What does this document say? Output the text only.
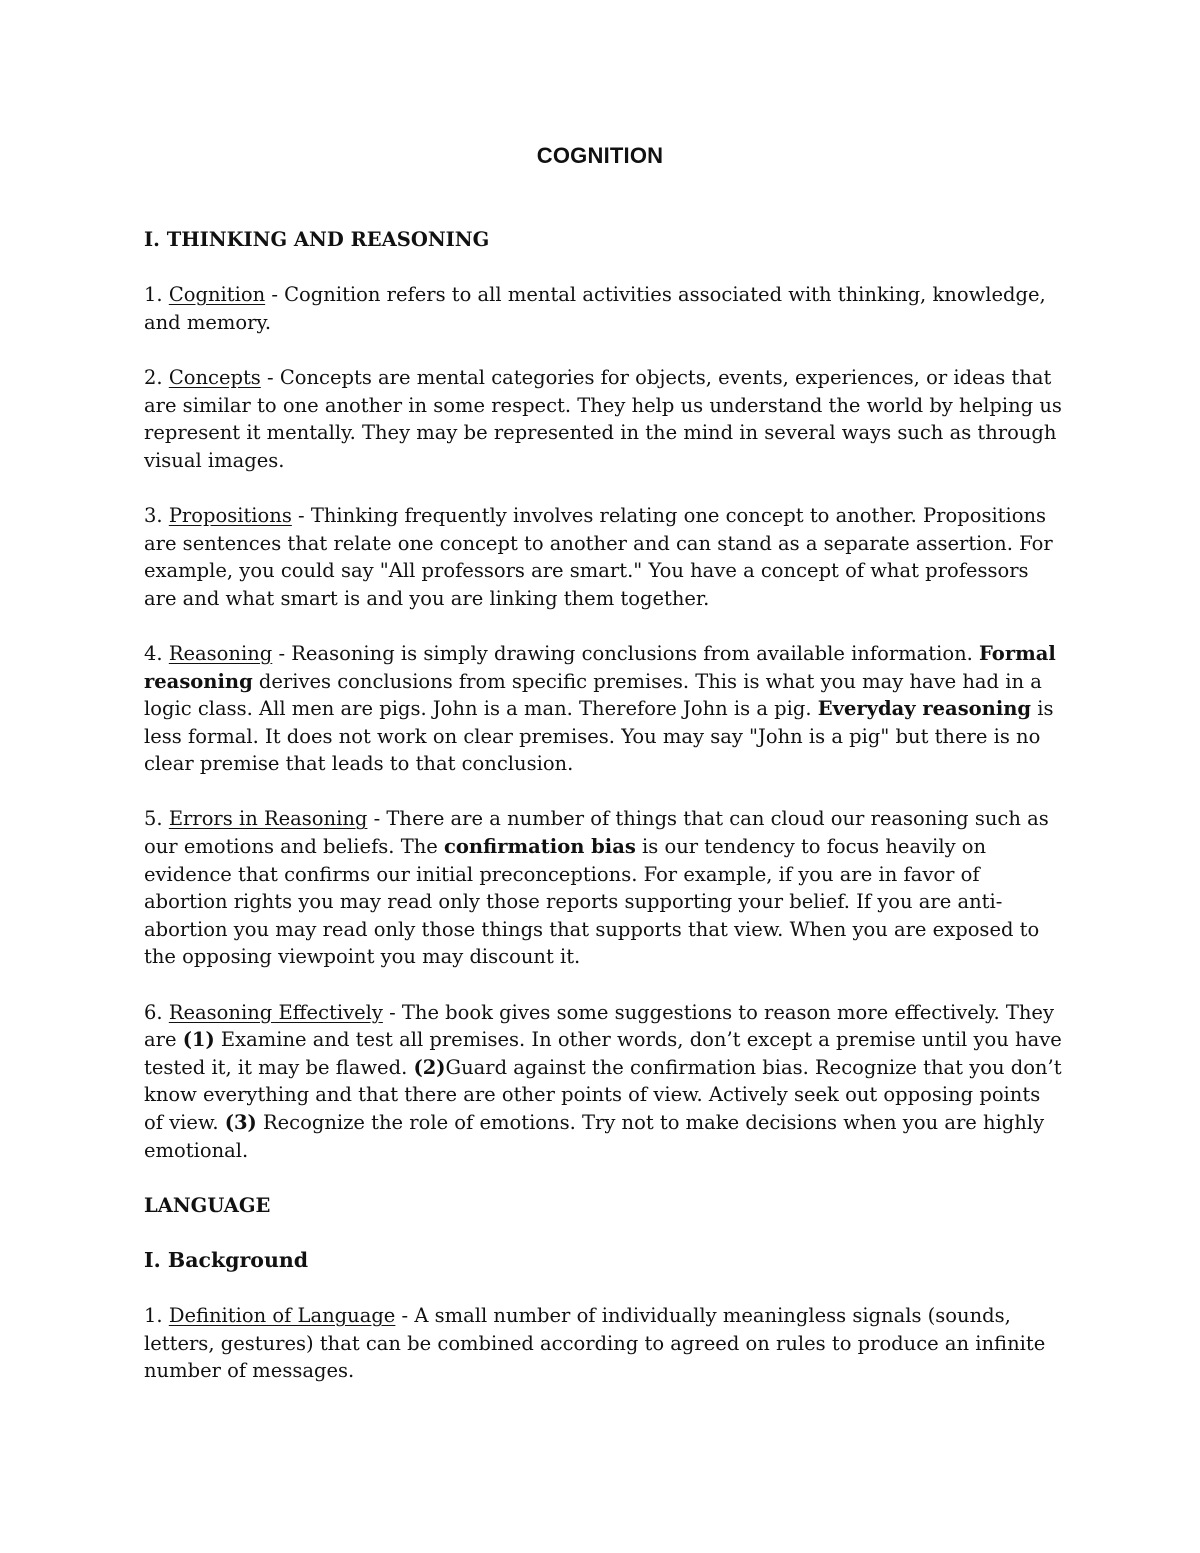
COGNITION
I. THINKING AND REASONING

1. Cognition - Cognition refers to all mental activities associated with thinking, knowledge, and memory.

2. Concepts - Concepts are mental categories for objects, events, experiences, or ideas that are similar to one another in some respect. They help us understand the world by helping us represent it mentally. They may be represented in the mind in several ways such as through visual images.

3. Propositions - Thinking frequently involves relating one concept to another. Propositions are sentences that relate one concept to another and can stand as a separate assertion. For example, you could say "All professors are smart." You have a concept of what professors are and what smart is and you are linking them together.

4. Reasoning - Reasoning is simply drawing conclusions from available information. Formal reasoning derives conclusions from specific premises. This is what you may have had in a logic class. All men are pigs. John is a man. Therefore John is a pig. Everyday reasoning is less formal. It does not work on clear premises. You may say "John is a pig" but there is no clear premise that leads to that conclusion.

5. Errors in Reasoning - There are a number of things that can cloud our reasoning such as our emotions and beliefs. The confirmation bias is our tendency to focus heavily on evidence that confirms our initial preconceptions. For example, if you are in favor of abortion rights you may read only those reports supporting your belief. If you are anti-abortion you may read only those things that supports that view. When you are exposed to the opposing viewpoint you may discount it.

6. Reasoning Effectively - The book gives some suggestions to reason more effectively. They are (1) Examine and test all premises. In other words, don’t except a premise until you have tested it, it may be flawed. (2)Guard against the confirmation bias. Recognize that you don’t know everything and that there are other points of view. Actively seek out opposing points of view. (3) Recognize the role of emotions. Try not to make decisions when you are highly emotional.

LANGUAGE
I. Background

1. Definition of Language - A small number of individually meaningless signals (sounds, letters, gestures) that can be combined according to agreed on rules to produce an infinite number of messages.
